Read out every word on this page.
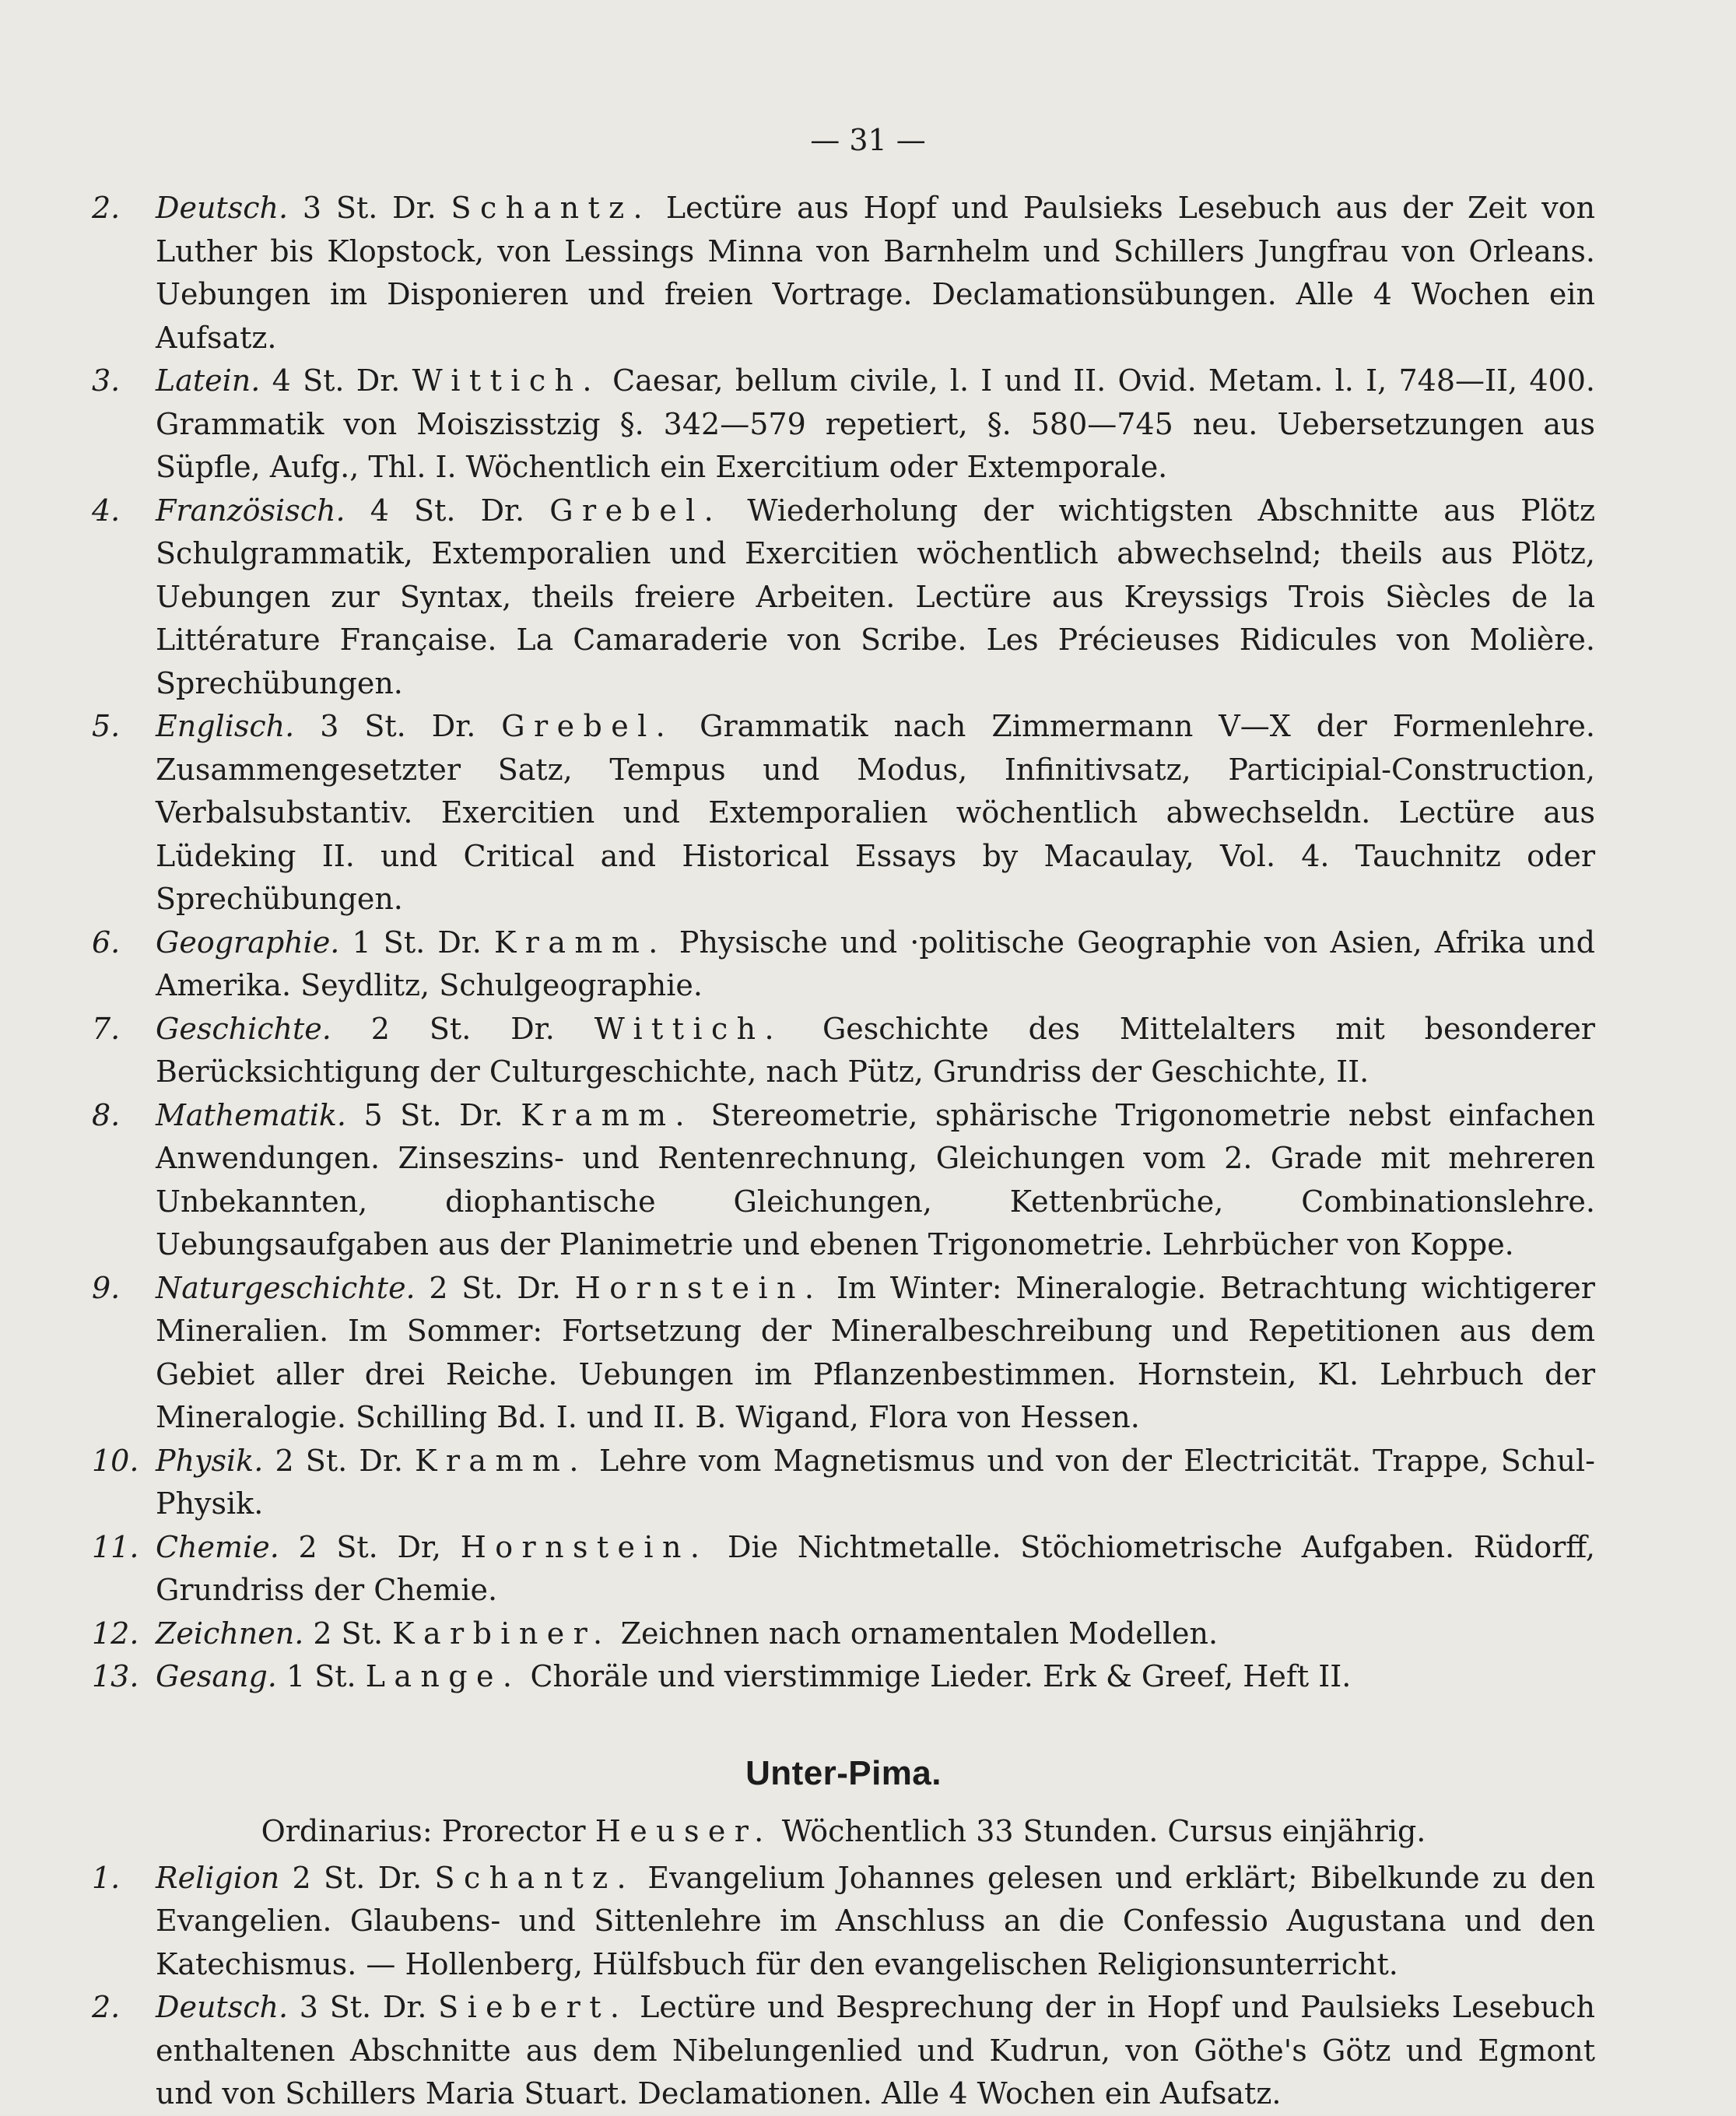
— 31 —
2. Deutsch. 3 St. Dr. Schantz. Lectüre aus Hopf und Paulsieks Lesebuch aus der Zeit von Luther bis Klopstock, von Lessings Minna von Barnhelm und Schillers Jungfrau von Orleans. Uebungen im Disponieren und freien Vortrage. Declamationsübungen. Alle 4 Wochen ein Aufsatz.
3. Latein. 4 St. Dr. Wittich. Caesar, bellum civile, l. I und II. Ovid. Metam. l. I, 748—II, 400. Grammatik von Moiszisstzig §. 342—579 repetiert, §. 580—745 neu. Uebersetzungen aus Süpfle, Aufg., Thl. I. Wöchentlich ein Exercitium oder Extemporale.
4. Französisch. 4 St. Dr. Grebel. Wiederholung der wichtigsten Abschnitte aus Plötz Schulgrammatik, Extemporalien und Exercitien wöchentlich abwechselnd; theils aus Plötz, Uebungen zur Syntax, theils freiere Arbeiten. Lectüre aus Kreyssigs Trois Siècles de la Littérature Française. La Camaraderie von Scribe. Les Précieuses Ridicules von Molière. Sprechübungen.
5. Englisch. 3 St. Dr. Grebel. Grammatik nach Zimmermann V—X der Formenlehre. Zusammengesetzter Satz, Tempus und Modus, Infinitivsatz, Participial-Construction, Verbalsubstantiv. Exercitien und Extemporalien wöchentlich abwechseldn. Lectüre aus Lüdeking II. und Critical and Historical Essays by Macaulay, Vol. 4. Tauchnitz oder Sprechübungen.
6. Geographie. 1 St. Dr. Kramm. Physische und ·politische Geographie von Asien, Afrika und Amerika. Seydlitz, Schulgeographie.
7. Geschichte. 2 St. Dr. Wittich. Geschichte des Mittelalters mit besonderer Berücksichtigung der Culturgeschichte, nach Pütz, Grundriss der Geschichte, II.
8. Mathematik. 5 St. Dr. Kramm. Stereometrie, sphärische Trigonometrie nebst einfachen Anwendungen. Zinseszins- und Rentenrechnung, Gleichungen vom 2. Grade mit mehreren Unbekannten, diophantische Gleichungen, Kettenbrüche, Combinationslehre. Uebungsaufgaben aus der Planimetrie und ebenen Trigonometrie. Lehrbücher von Koppe.
9. Naturgeschichte. 2 St. Dr. Hornstein. Im Winter: Mineralogie. Betrachtung wichtigerer Mineralien. Im Sommer: Fortsetzung der Mineralbeschreibung und Repetitionen aus dem Gebiet aller drei Reiche. Uebungen im Pflanzenbestimmen. Hornstein, Kl. Lehrbuch der Mineralogie. Schilling Bd. I. und II. B. Wigand, Flora von Hessen.
10. Physik. 2 St. Dr. Kramm. Lehre vom Magnetismus und von der Electricität. Trappe, Schul-Physik.
11. Chemie. 2 St. Dr, Hornstein. Die Nichtmetalle. Stöchiometrische Aufgaben. Rüdorff, Grundriss der Chemie.
12. Zeichnen. 2 St. Karbiner. Zeichnen nach ornamentalen Modellen.
13. Gesang. 1 St. Lange. Choräle und vierstimmige Lieder. Erk & Greef, Heft II.
Unter-Pima.
Ordinarius: Prorector Heuser. Wöchentlich 33 Stunden. Cursus einjährig.
1. Religion 2 St. Dr. Schantz. Evangelium Johannes gelesen und erklärt; Bibelkunde zu den Evangelien. Glaubens- und Sittenlehre im Anschluss an die Confessio Augustana und den Katechismus. — Hollenberg, Hülfsbuch für den evangelischen Religionsunterricht.
2. Deutsch. 3 St. Dr. Siebert. Lectüre und Besprechung der in Hopf und Paulsieks Lesebuch enthaltenen Abschnitte aus dem Nibelungenlied und Kudrun, von Göthe's Götz und Egmont und von Schillers Maria Stuart. Declamationen. Alle 4 Wochen ein Aufsatz.
